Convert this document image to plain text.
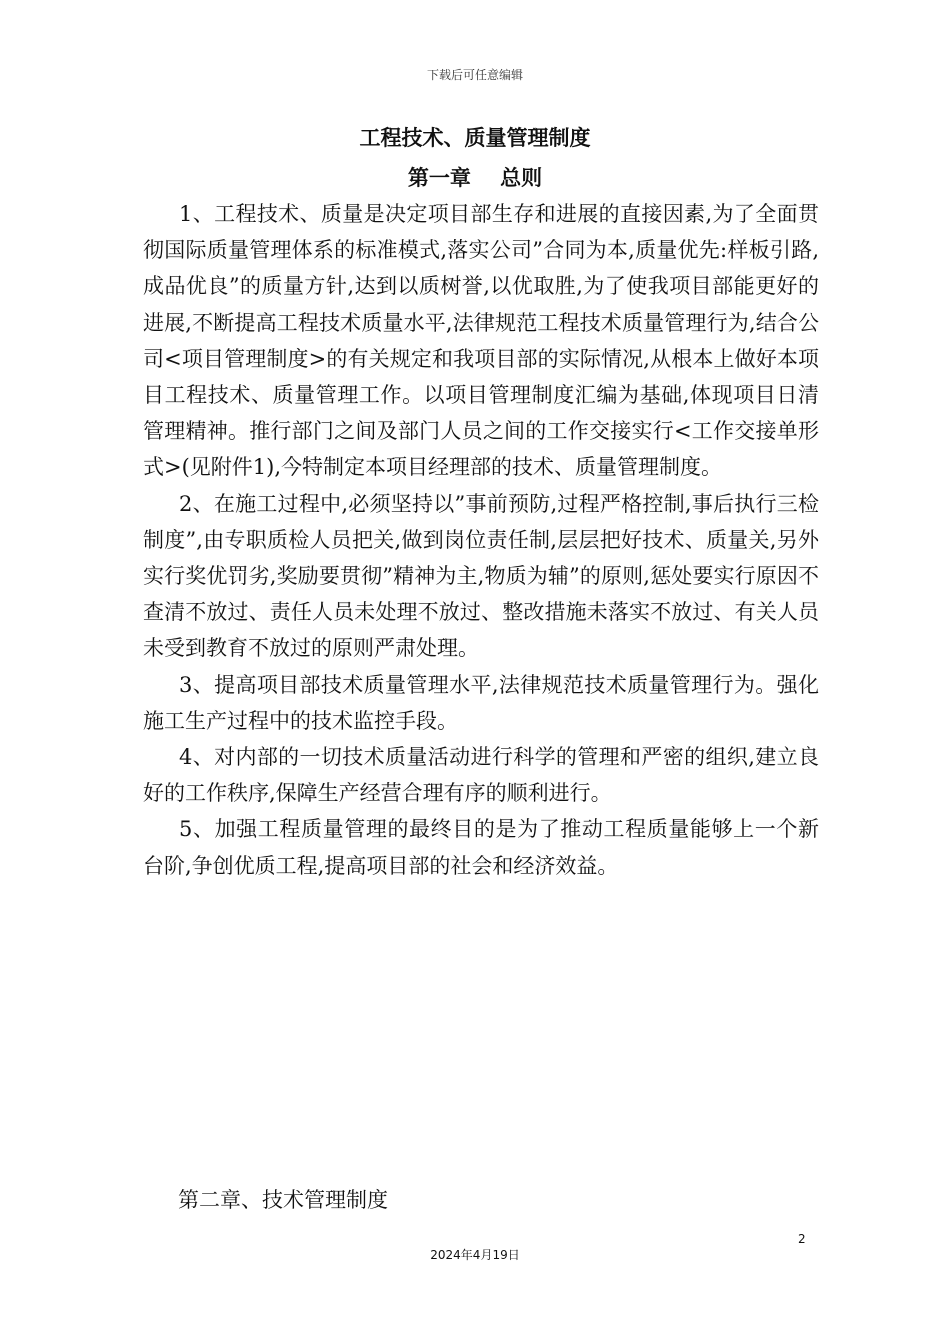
下载后可任意编辑
工程技术、质量管理制度
第一章    总则

1、工程技术、质量是决定项目部生存和进展的直接因素,为了全面贯彻国际质量管理体系的标准模式,落实公司”合同为本,质量优先:样板引路,成品优良”的质量方针,达到以质树誉,以优取胜,为了使我项目部能更好的进展,不断提高工程技术质量水平,法律规范工程技术质量管理行为,结合公司<项目管理制度>的有关规定和我项目部的实际情况,从根本上做好本项目工程技术、质量管理工作。以项目管理制度汇编为基础,体现项目日清管理精神。推行部门之间及部门人员之间的工作交接实行<工作交接单形式>(见附件1),今特制定本项目经理部的技术、质量管理制度。

2、在施工过程中,必须坚持以”事前预防,过程严格控制,事后执行三检制度”,由专职质检人员把关,做到岗位责任制,层层把好技术、质量关,另外实行奖优罚劣,奖励要贯彻”精神为主,物质为辅”的原则,惩处要实行原因不查清不放过、责任人员未处理不放过、整改措施未落实不放过、有关人员未受到教育不放过的原则严肃处理。

3、提高项目部技术质量管理水平,法律规范技术质量管理行为。强化施工生产过程中的技术监控手段。

4、对内部的一切技术质量活动进行科学的管理和严密的组织,建立良好的工作秩序,保障生产经营合理有序的顺利进行。

5、加强工程质量管理的最终目的是为了推动工程质量能够上一个新台阶,争创优质工程,提高项目部的社会和经济效益。

第二章、技术管理制度

2
2024年4月19日
